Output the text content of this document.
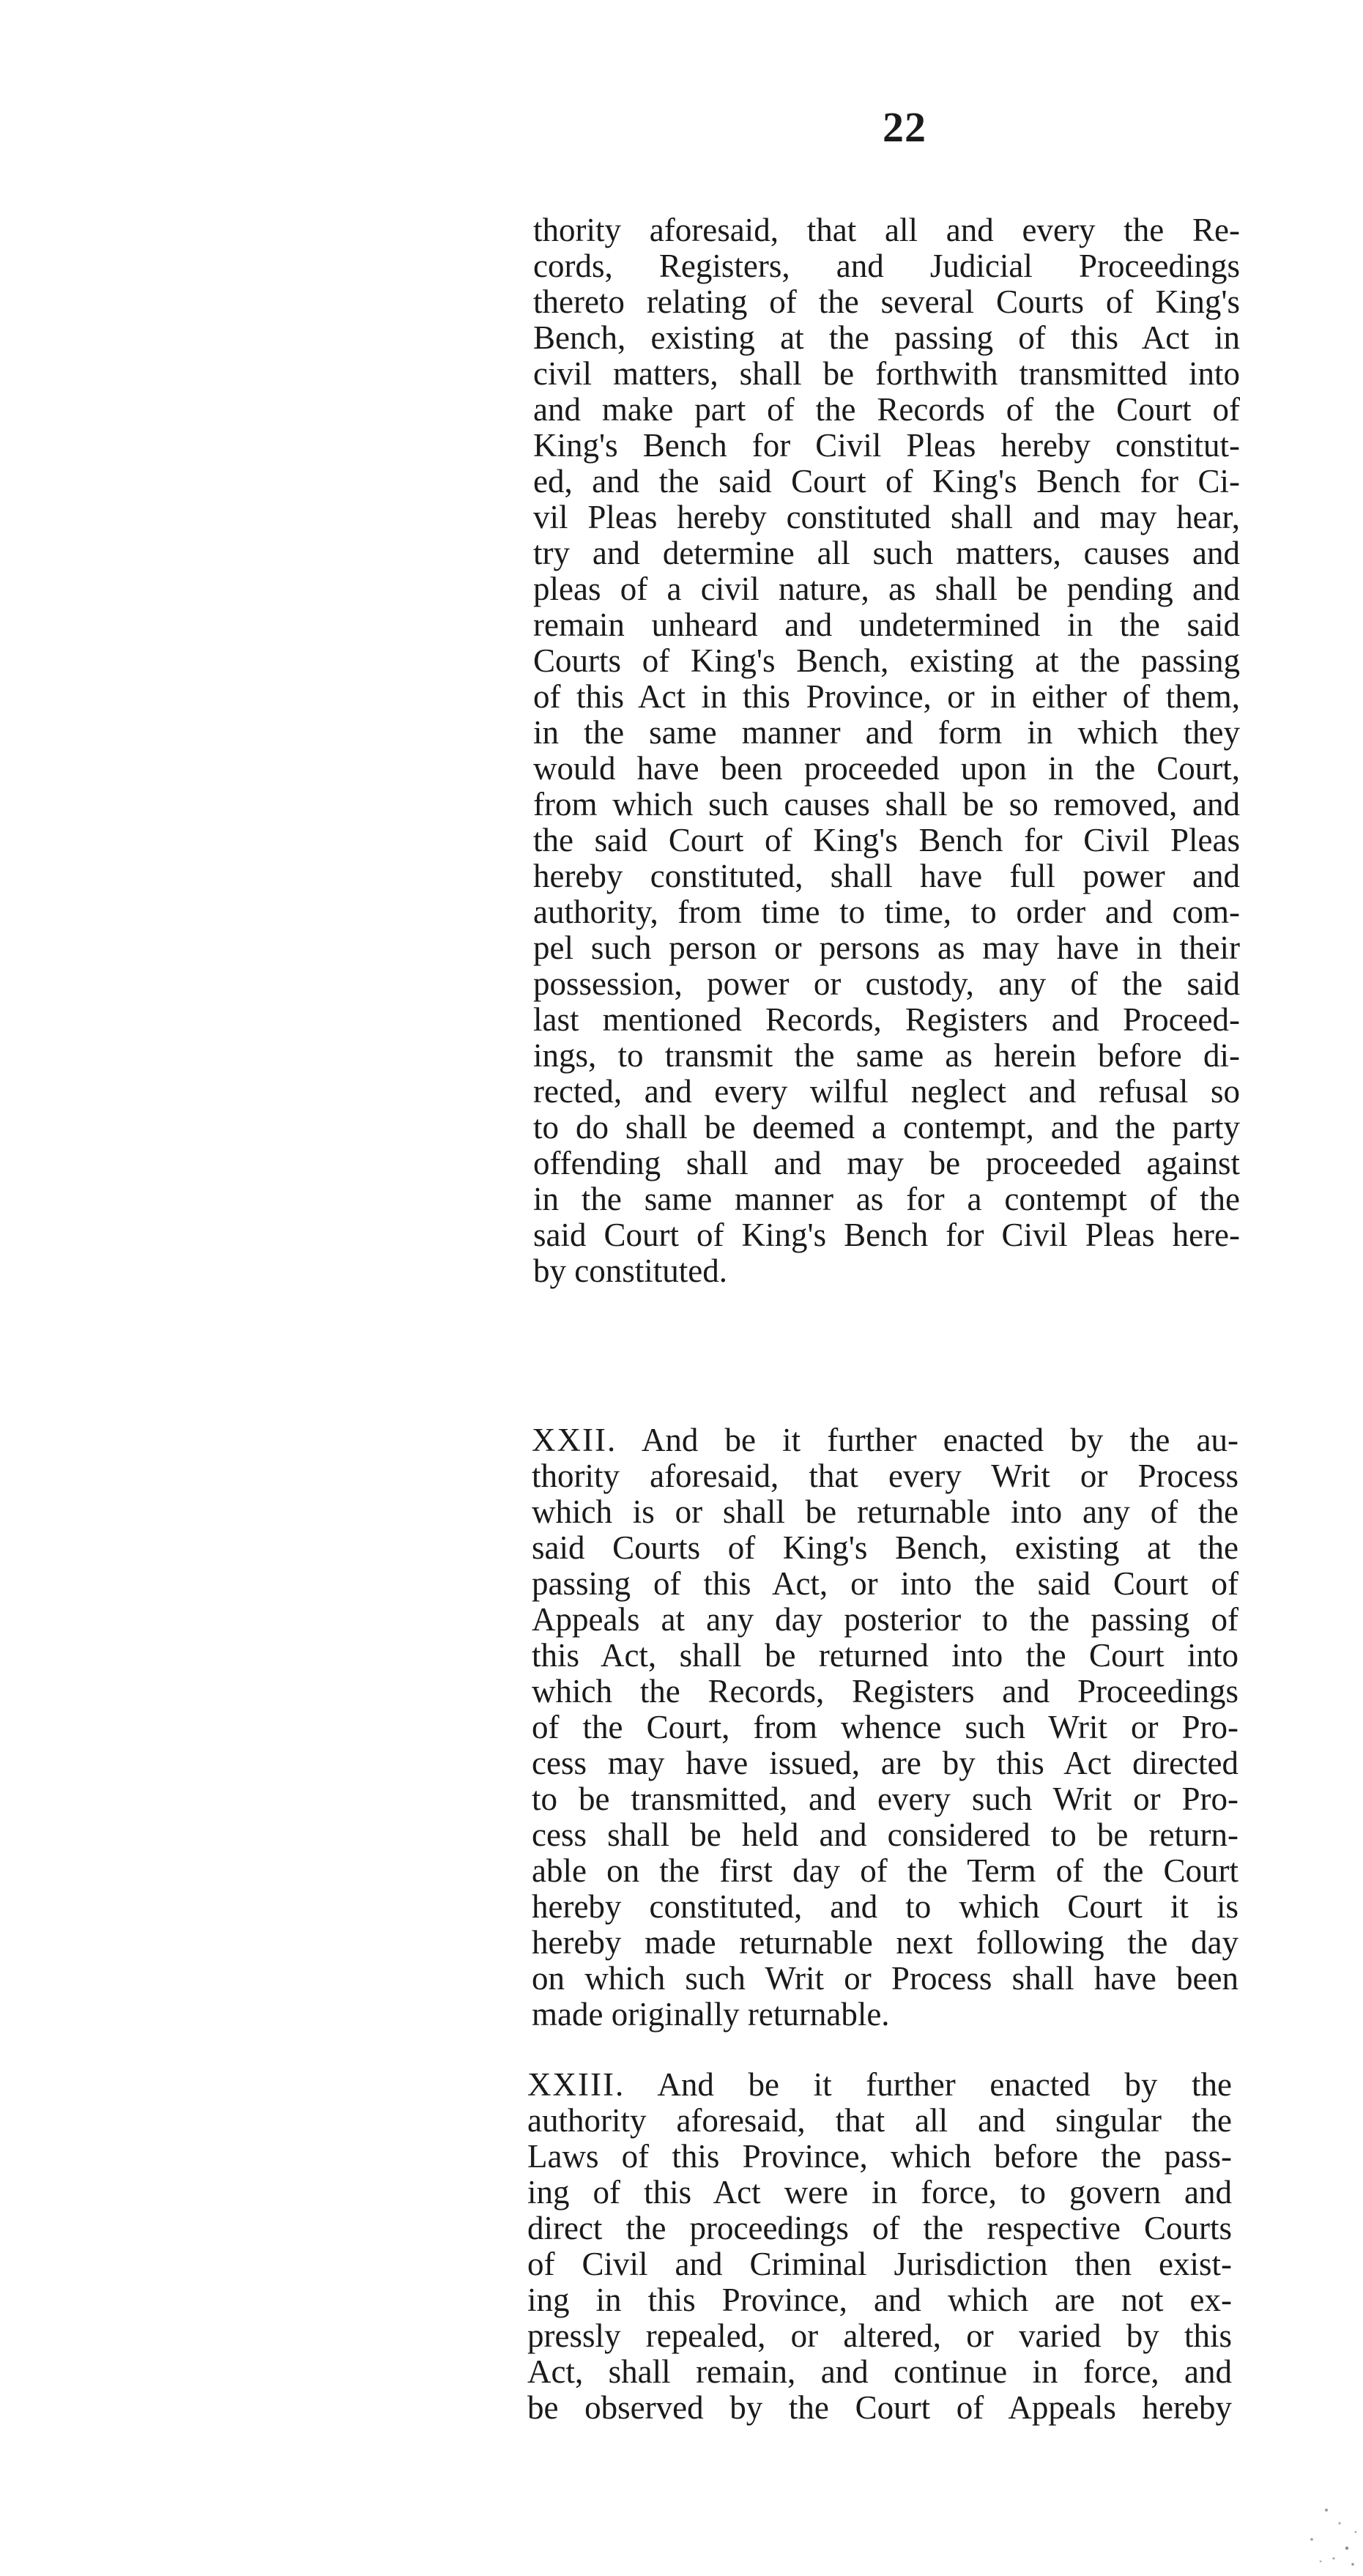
22
thority aforesaid, that all and every the Re-
cords, Registers, and Judicial Proceedings
thereto relating of the several Courts of King's
Bench, existing at the passing of this Act in
civil matters, shall be forthwith transmitted into
and make part of the Records of the Court of
King's Bench for Civil Pleas hereby constitut-
ed, and the said Court of King's Bench for Ci-
vil Pleas hereby constituted shall and may hear,
try and determine all such matters, causes and
pleas of a civil nature, as shall be pending and
remain unheard and undetermined in the said
Courts of King's Bench, existing at the passing
of this Act in this Province, or in either of them,
in the same manner and form in which they
would have been proceeded upon in the Court,
from which such causes shall be so removed, and
the said Court of King's Bench for Civil Pleas
hereby constituted, shall have full power and
authority, from time to time, to order and com-
pel such person or persons as may have in their
possession, power or custody, any of the said
last mentioned Records, Registers and Proceed-
ings, to transmit the same as herein before di-
rected, and every wilful neglect and refusal so
to do shall be deemed a contempt, and the party
offending shall and may be proceeded against
in the same manner as for a contempt of the
said Court of King's Bench for Civil Pleas here-
by constituted.
XXII. And be it further enacted by the au-
thority aforesaid, that every Writ or Process
which is or shall be returnable into any of the
said Courts of King's Bench, existing at the
passing of this Act, or into the said Court of
Appeals at any day posterior to the passing of
this Act, shall be returned into the Court into
which the Records, Registers and Proceedings
of the Court, from whence such Writ or Pro-
cess may have issued, are by this Act directed
to be transmitted, and every such Writ or Pro-
cess shall be held and considered to be return-
able on the first day of the Term of the Court
hereby constituted, and to which Court it is
hereby made returnable next following the day
on which such Writ or Process shall have been
made originally returnable.
XXIII. And be it further enacted by the
authority aforesaid, that all and singular the
Laws of this Province, which before the pass-
ing of this Act were in force, to govern and
direct the proceedings of the respective Courts
of Civil and Criminal Jurisdiction then exist-
ing in this Province, and which are not ex-
pressly repealed, or altered, or varied by this
Act, shall remain, and continue in force, and
be observed by the Court of Appeals hereby
